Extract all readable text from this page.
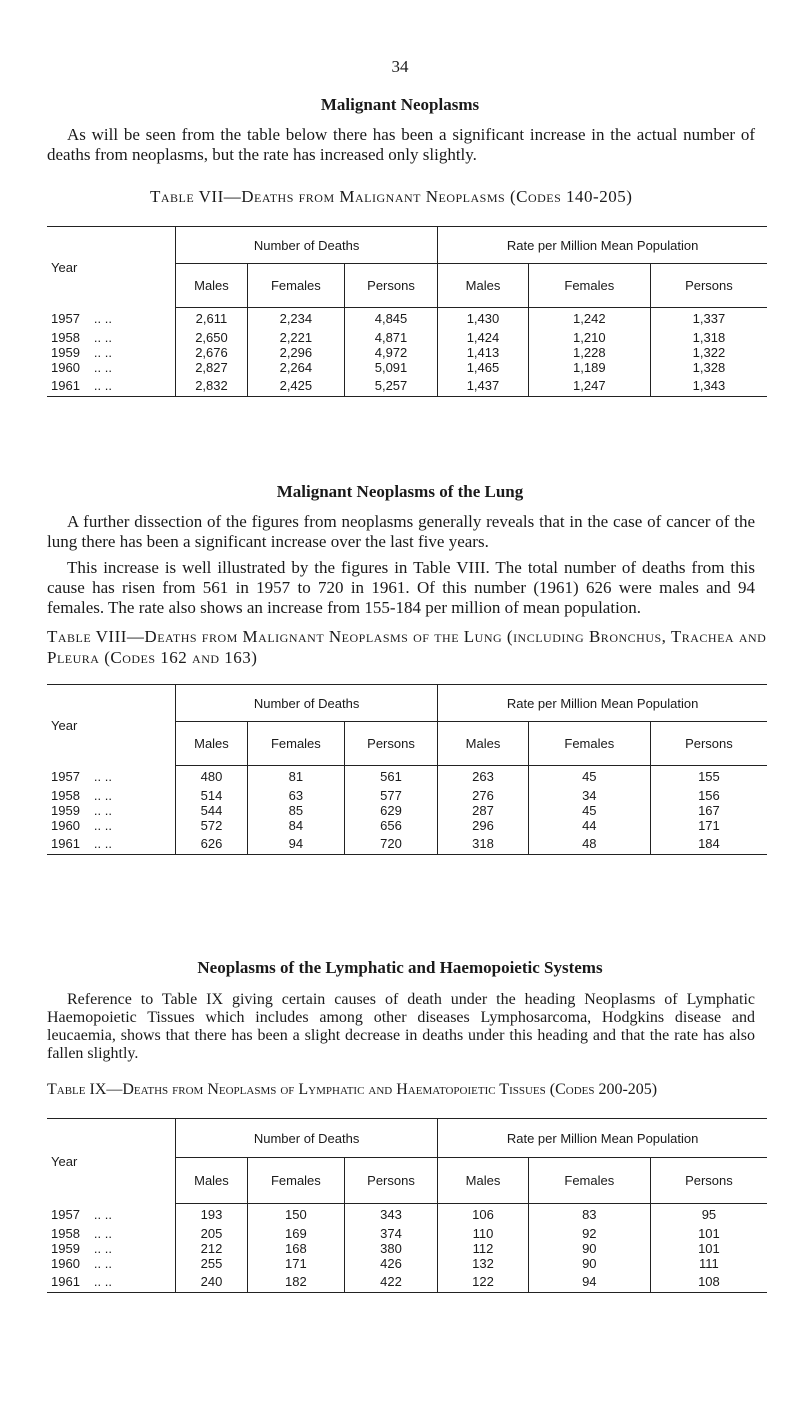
34
Malignant Neoplasms
As will be seen from the table below there has been a significant increase in the actual number of deaths from neoplasms, but the rate has increased only slightly.
Table VII—Deaths from Malignant Neoplasms (Codes 140-205)
Year	Number of Deaths			Rate per Million Mean Population		
	Males	Females	Persons	Males	Females	Persons
1957 .. ..	2,611	2,234	4,845	1,430	1,242	1,337
1958 .. ..	2,650	2,221	4,871	1,424	1,210	1,318
1959 .. ..	2,676	2,296	4,972	1,413	1,228	1,322
1960 .. ..	2,827	2,264	5,091	1,465	1,189	1,328
1961 .. ..	2,832	2,425	5,257	1,437	1,247	1,343
Malignant Neoplasms of the Lung
A further dissection of the figures from neoplasms generally reveals that in the case of cancer of the lung there has been a significant increase over the last five years.
This increase is well illustrated by the figures in Table VIII. The total number of deaths from this cause has risen from 561 in 1957 to 720 in 1961. Of this number (1961) 626 were males and 94 females. The rate also shows an increase from 155-184 per million of mean population.
Table VIII—Deaths from Malignant Neoplasms of the Lung (including Bronchus, Trachea and Pleura (Codes 162 and 163)
Year	Number of Deaths			Rate per Million Mean Population		
	Males	Females	Persons	Males	Females	Persons
1957 .. ..	480	81	561	263	45	155
1958 .. ..	514	63	577	276	34	156
1959 .. ..	544	85	629	287	45	167
1960 .. ..	572	84	656	296	44	171
1961 .. ..	626	94	720	318	48	184
Neoplasms of the Lymphatic and Haemopoietic Systems
Reference to Table IX giving certain causes of death under the heading Neoplasms of Lymphatic Haemopoietic Tissues which includes among other diseases Lymphosarcoma, Hodgkins disease and leucaemia, shows that there has been a slight decrease in deaths under this heading and that the rate has also fallen slightly.
Table IX—Deaths from Neoplasms of Lymphatic and Haematopoietic Tissues (Codes 200-205)
Year	Number of Deaths			Rate per Million Mean Population		
	Males	Females	Persons	Males	Females	Persons
1957 .. ..	193	150	343	106	83	95
1958 .. ..	205	169	374	110	92	101
1959 .. ..	212	168	380	112	90	101
1960 .. ..	255	171	426	132	90	111
1961 .. ..	240	182	422	122	94	108
